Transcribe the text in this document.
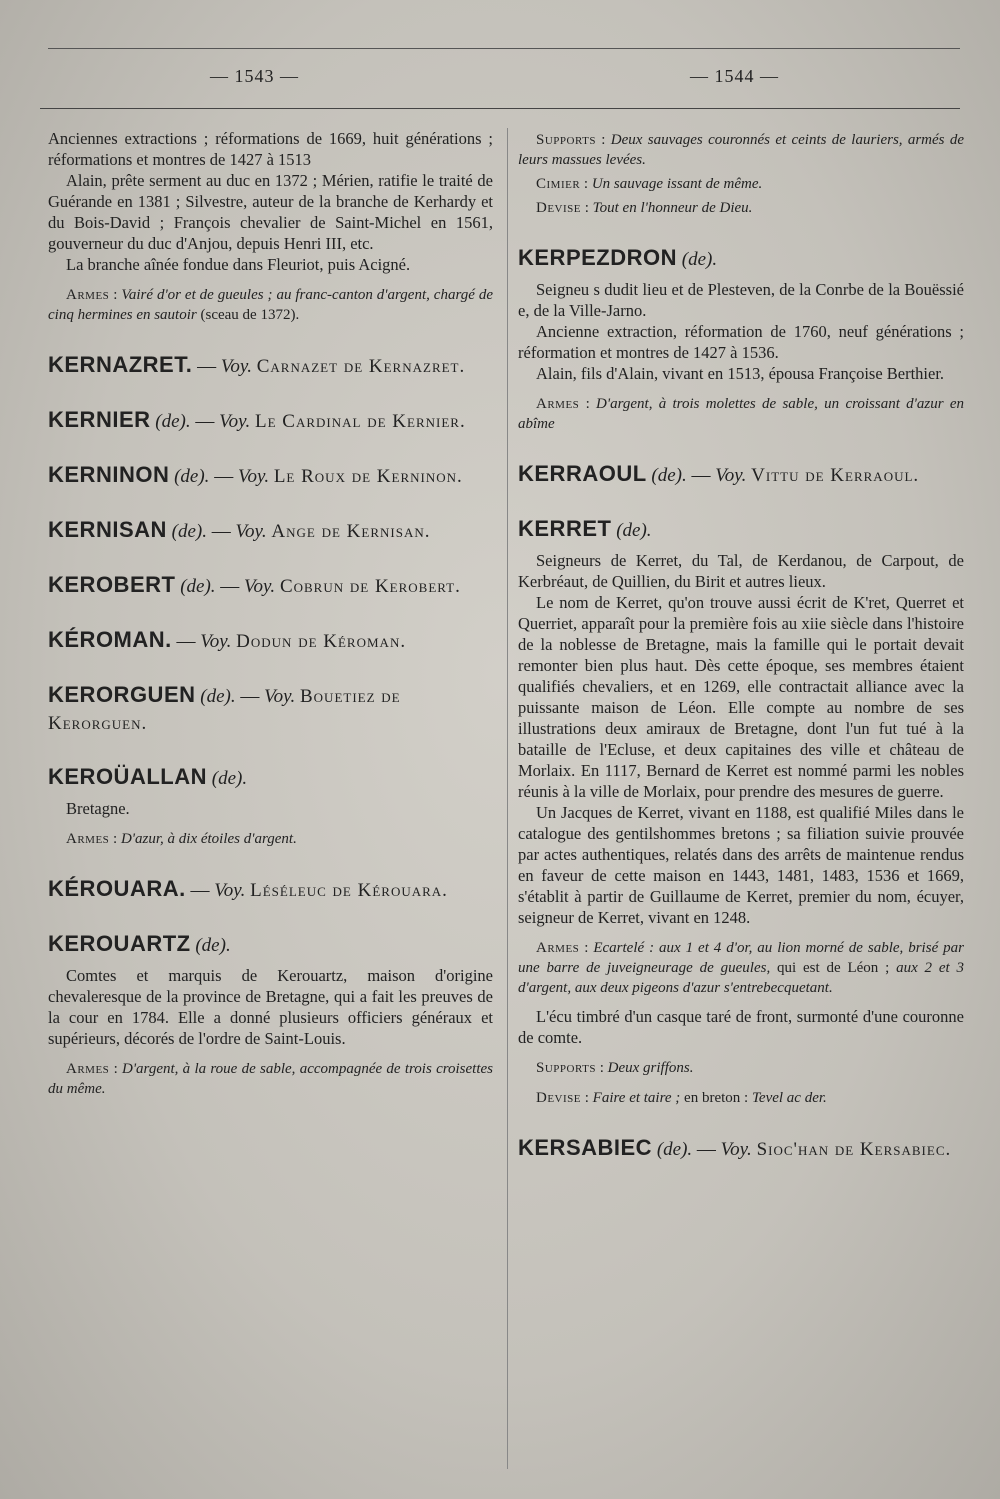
— 1543 —	— 1544 —

Anciennes extractions ; réformations de 1669, huit générations ; réformations et montres de 1427 à 1513

Alain, prête serment au duc en 1372 ; Mérien, ratifie le traité de Guérande en 1381 ; Silvestre, auteur de la branche de Kerhardy et du Bois-David ; François chevalier de Saint-Michel en 1561, gouverneur du duc d'Anjou, depuis Henri III, etc.

La branche aînée fondue dans Fleuriot, puis Acigné.

Armes : Vairé d'or et de gueules ; au franc-canton d'argent, chargé de cinq hermines en sautoir (sceau de 1372).

KERNAZRET. — Voy. Carnazet de Kernazret.

KERNIER (de). — Voy. Le Cardinal de Kernier.

KERNINON (de). — Voy. Le Roux de Kerninon.

KERNISAN (de). — Voy. Ange de Kernisan.

KEROBERT (de). — Voy. Cobrun de Kerobert.

KÉROMAN. — Voy. Dodun de Kéroman.

KERORGUEN (de). — Voy. Bouetiez de Kerorguen.

KEROÜALLAN (de).

Bretagne.

Armes : D'azur, à dix étoiles d'argent.

KÉROUARA. — Voy. Léséleuc de Kérouara.

KEROUARTZ (de).

Comtes et marquis de Kerouartz, maison d'origine chevaleresque de la province de Bretagne, qui a fait les preuves de la cour en 1784. Elle a donné plusieurs officiers généraux et supérieurs, décorés de l'ordre de Saint-Louis.

Armes : D'argent, à la roue de sable, accompagnée de trois croisettes du même.

Supports : Deux sauvages couronnés et ceints de lauriers, armés de leurs massues levées.

Cimier : Un sauvage issant de même.

Devise : Tout en l'honneur de Dieu.

KERPEZDRON (de).

Seigneu s dudit lieu et de Plesteven, de la Conrbe de la Bouëssié e, de la Ville-Jarno.

Ancienne extraction, réformation de 1760, neuf générations ; réformation et montres de 1427 à 1536.

Alain, fils d'Alain, vivant en 1513, épousa Françoise Berthier.

Armes : D'argent, à trois molettes de sable, un croissant d'azur en abîme

KERRAOUL (de). — Voy. Vittu de Kerraoul.

KERRET (de).

Seigneurs de Kerret, du Tal, de Kerdanou, de Carpout, de Kerbréaut, de Quillien, du Birit et autres lieux.

Le nom de Kerret, qu'on trouve aussi écrit de K'ret, Querret et Querriet, apparaît pour la première fois au xiie siècle dans l'histoire de la noblesse de Bretagne, mais la famille qui le portait devait remonter bien plus haut. Dès cette époque, ses membres étaient qualifiés chevaliers, et en 1269, elle contractait alliance avec la puissante maison de Léon. Elle compte au nombre de ses illustrations deux amiraux de Bretagne, dont l'un fut tué à la bataille de l'Ecluse, et deux capitaines des ville et château de Morlaix. En 1117, Bernard de Kerret est nommé parmi les nobles réunis à la ville de Morlaix, pour prendre des mesures de guerre.

Un Jacques de Kerret, vivant en 1188, est qualifié Miles dans le catalogue des gentilshommes bretons ; sa filiation suivie prouvée par actes authentiques, relatés dans des arrêts de maintenue rendus en faveur de cette maison en 1443, 1481, 1483, 1536 et 1669, s'établit à partir de Guillaume de Kerret, premier du nom, écuyer, seigneur de Kerret, vivant en 1248.

Armes : Ecartelé : aux 1 et 4 d'or, au lion morné de sable, brisé par une barre de juveigneurage de gueules, qui est de Léon ; aux 2 et 3 d'argent, aux deux pigeons d'azur s'entrebecquetant.

L'écu timbré d'un casque taré de front, surmonté d'une couronne de comte.

Supports : Deux griffons.

Devise : Faire et taire ; en breton : Tevel ac der.

KERSABIEC (de). — Voy. Sioc'han de Kersabiec.
